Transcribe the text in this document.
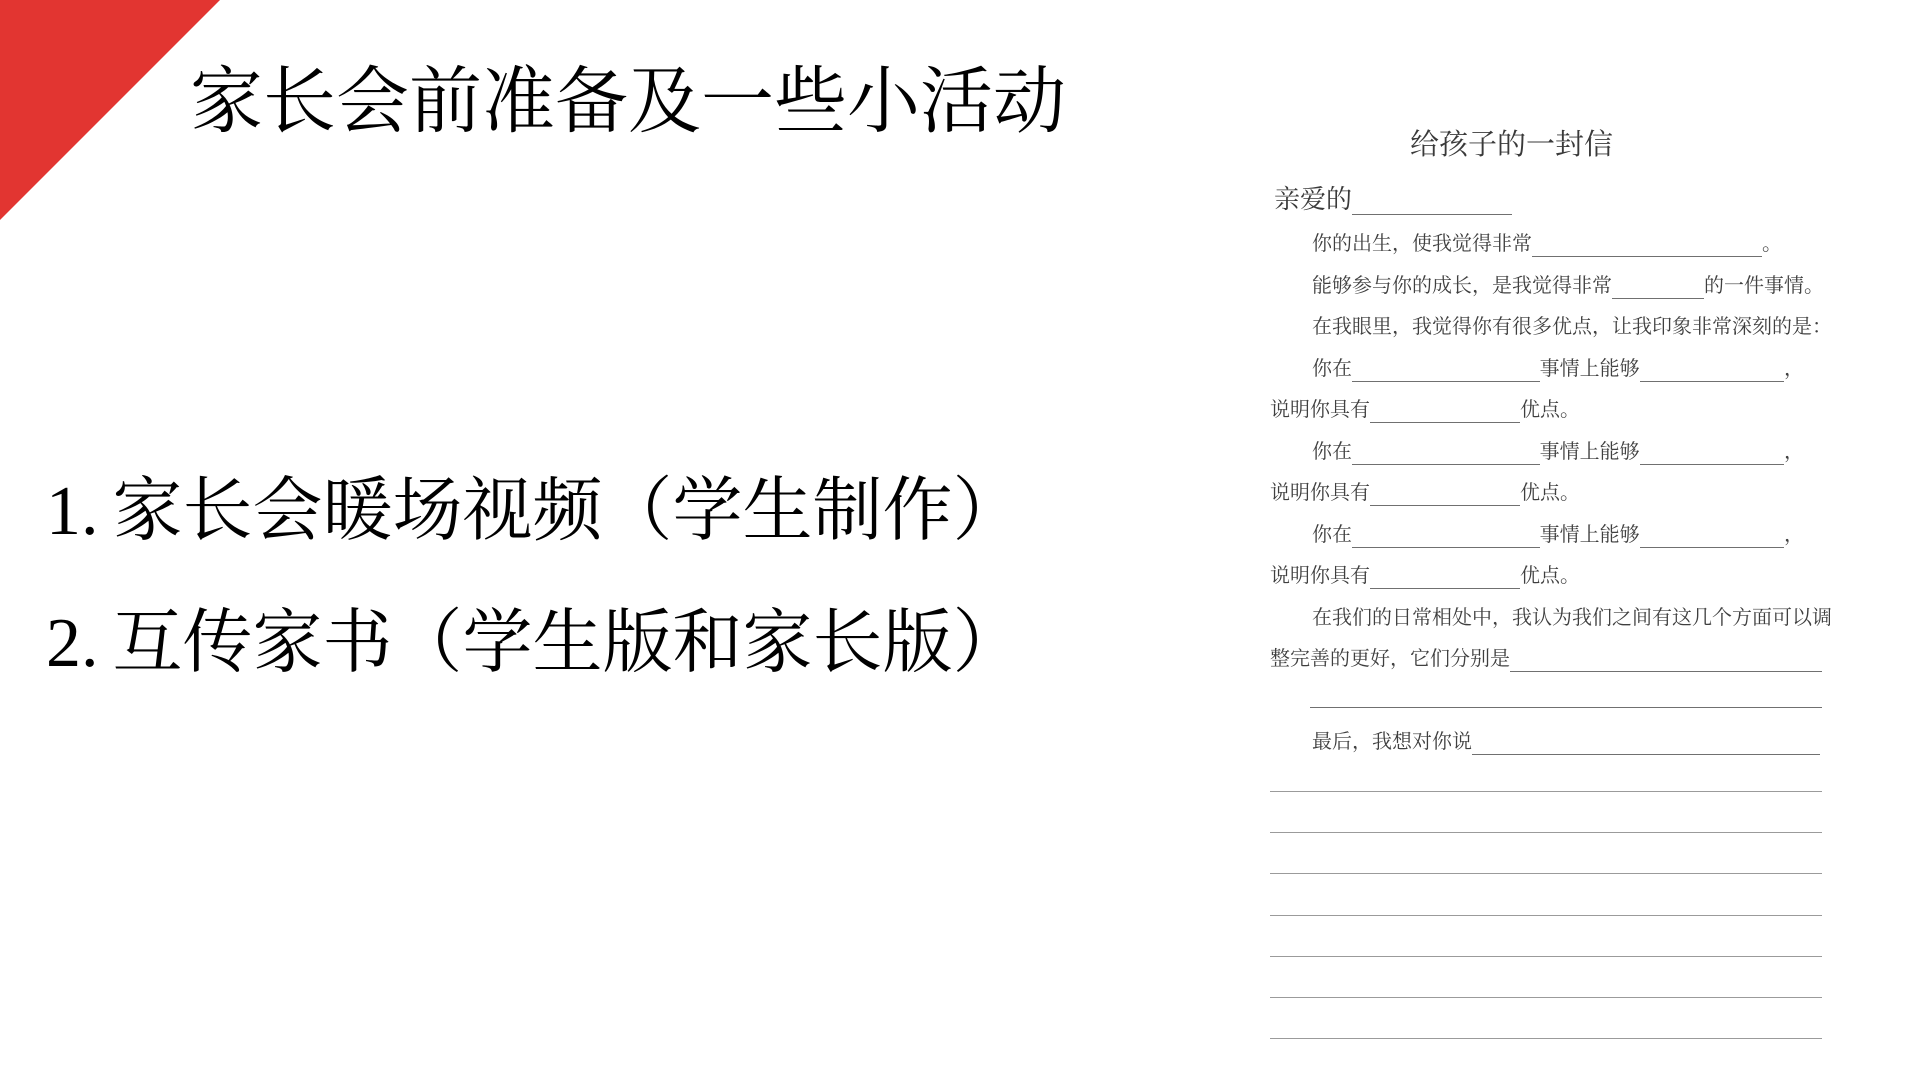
家长会前准备及一些小活动
1. 家长会暖场视频（学生制作）
2. 互传家书（学生版和家长版）
给孩子的一封信
亲爱的
你的出生，使我觉得非常	。
能够参与你的成长，是我觉得非常	的一件事情。
在我眼里，我觉得你有很多优点，让我印象非常深刻的是：
你在	事情上能够	，
说明你具有	优点。
你在	事情上能够	，
说明你具有	优点。
你在	事情上能够	，
说明你具有	优点。
在我们的日常相处中，我认为我们之间有这几个方面可以调
整完善的更好，它们分别是
最后，我想对你说
